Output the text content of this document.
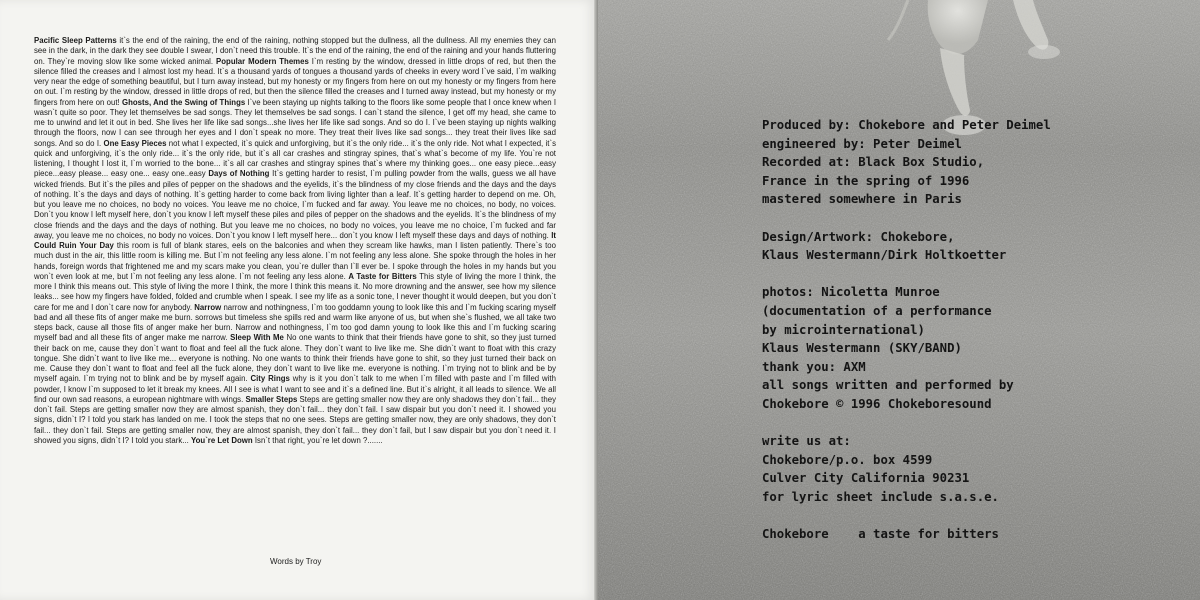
Pacific Sleep Patterns it`s the end of the raining, the end of the raining, nothing stopped but the dullness, all the dullness. All my enemies they can see in the dark, in the dark they see double I swear, I don`t need this trouble. It`s the end of the raining, the end of the raining and your hands fluttering on. They`re moving slow like some wicked animal. Popular Modern Themes I`m resting by the window, dressed in little drops of red, but then the silence filled the creases and I almost lost my head. It`s a thousand yards of tongues a thousand yards of cheeks in every word I`ve said, I`m walking very near the edge of something beautiful, but I turn away instead, but my honesty or my fingers from here on out my honesty or my fingers from here on out. I`m resting by the window, dressed in little drops of red, but then the silence filled the creases and I turned away instead, but my honesty or my fingers from here on out! Ghosts, And the Swing of Things I`ve been staying up nights talking to the floors like some people that I once knew when I wasn`t quite so poor. They let themselves be sad songs. They let themselves be sad songs. I can`t stand the silence, I get off my head, she came to me to unwind and let it out in bed. She lives her life like sad songs...she lives her life like sad songs. And so do I. I`ve been staying up nights walking through the floors, now I can see through her eyes and I don`t speak no more. They treat their lives like sad songs... they treat their lives like sad songs. And so do I. One Easy Pieces not what I expected, it`s quick and unforgiving, but it`s the only ride... it`s the only ride. Not what I expected, it`s quick and unforgiving, it`s the only ride... it`s the only ride, but it`s all car crashes and stingray spines, that`s what`s become of my life. You`re not listening, I thought I lost it, I`m worried to the bone... it`s all car crashes and stingray spines that`s where my thinking goes... one easy piece...easy piece...easy please... easy one... easy one..easy Days of Nothing It`s getting harder to resist, I`m pulling powder from the walls, guess we all have wicked friends. But it`s the piles and piles of pepper on the shadows and the eyelids, it`s the blindness of my close friends and the days and the days of nothing. It`s the days and days of nothing. It`s getting harder to come back from living lighter than a leaf. It`s getting harder to depend on me. Oh, but you leave me no choices, no body no voices. You leave me no choice, I`m fucked and far away. You leave me no choices, no body, no voices. Don`t you know I left myself here, don`t you know I left myself these piles and piles of pepper on the shadows and the eyelids. It`s the blindness of my close friends and the days and the days of nothing. But you leave me no choices, no body no voices, you leave me no choice, I`m fucked and far away, you leave me no choices, no body no voices. Don`t you know I left myself here... don`t you know I left myself these days and days of nothing. It Could Ruin Your Day this room is full of blank stares, eels on the balconies and when they scream like hawks, man I listen patiently. There`s too much dust in the air, this little room is killing me. But I`m not feeling any less alone. I`m not feeling any less alone. She spoke through the holes in her hands, foreign words that frightened me and my scars make you clean, you`re duller than I`ll ever be. I spoke through the holes in my hands but you won`t even look at me, but I`m not feeling any less alone. I`m not feeling any less alone. A Taste for Bitters This style of living the more I think, the more I think this means out. This style of living the more I think, the more I think this means it. No more drowning and the answer, see how my silence leaks... see how my fingers have folded, folded and crumble when I speak. I see my life as a sonic tone, I never thought it would deepen, but you don`t care for me and I don`t care now for anybody. Narrow narrow and nothingness, I`m too goddamn young to look like this and I`m fucking scaring myself bad and all these fits of anger make me burn. sorrows but timeless she spills red and warm like anyone of us, but when she`s flushed, we all take two steps back, cause all those fits of anger make her burn. Narrow and nothingness, I`m too god damn young to look like this and I`m fucking scaring myself bad and all these fits of anger make me narrow. Sleep With Me No one wants to think that their friends have gone to shit, so they just turned their back on me, cause they don`t want to float and feel all the fuck alone. They don`t want to live like me. She didn`t want to float with this crazy tongue. She didn`t want to live like me... everyone is nothing. No one wants to think their friends have gone to shit, so they just turned their back on me. Cause they don`t want to float and feel all the fuck alone, they don`t want to live like me. everyone is nothing. I`m trying not to blink and be by myself again. I`m trying not to blink and be by myself again. City Rings why is it you don`t talk to me when I`m filled with paste and I`m filled with powder, I know I`m supposed to let it break my knees. All I see is what I want to see and it`s a defined line. But it`s alright, it all leads to silence. We all find our own sad reasons, a european nightmare with wings. Smaller Steps Steps are getting smaller now they are only shadows they don`t fail... they don`t fail. Steps are getting smaller now they are almost spanish, they don`t fail... they don`t fail. I saw dispair but you don`t need it. I showed you signs, didn`t I? I told you stark has landed on me. I took the steps that no one sees. Steps are getting smaller now, they are only shadows, they don`t fail... they don`t fail. Steps are getting smaller now, they are almost spanish, they don`t fail... they don`t fail, but I saw dispair but you don`t need it. I showed you signs, didn`t I? I told you stark... You`re Let Down Isn`t that right, you`re let down ?.......
Words by Troy
Produced by: Chokebore and Peter Deimel
engineered by: Peter Deimel
Recorded at: Black Box Studio,
France in the spring of 1996
mastered somewhere in Paris
Design/Artwork: Chokebore,
Klaus Westermann/Dirk Holtkoetter
photos: Nicoletta Munroe
(documentation of a performance
by microinternational)
Klaus Westermann (SKY/BAND)
thank you: AXM
all songs written and performed by
Chokebore © 1996 Chokeboresound
write us at:
Chokebore/p.o. box 4599
Culver City California 90231
for lyric sheet include s.a.s.e.
Chokebore    a taste for bitters
